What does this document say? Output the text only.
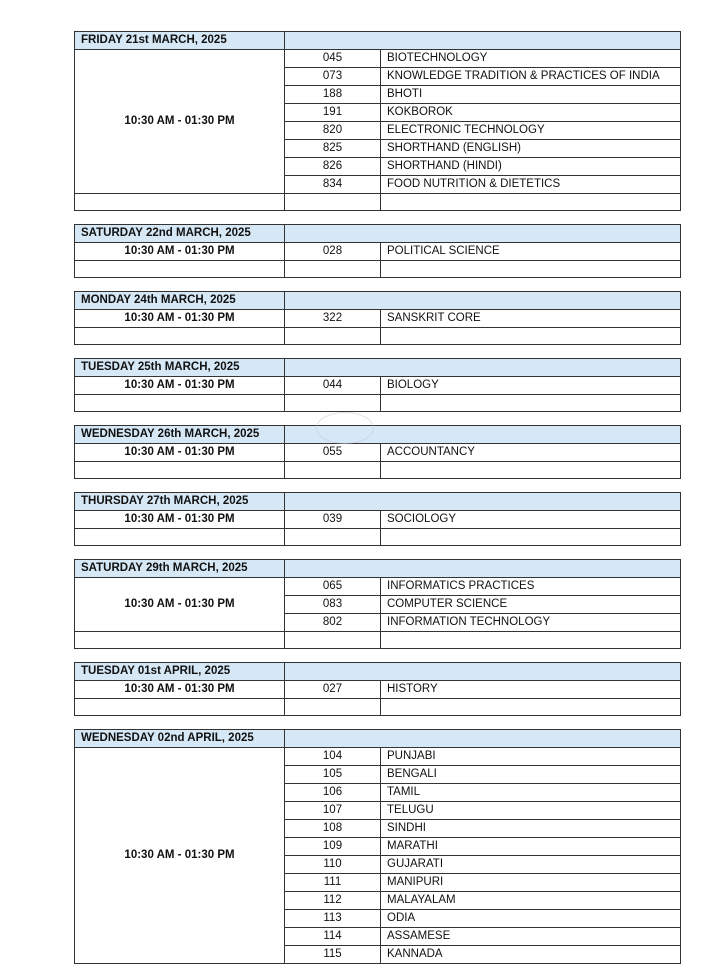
FRIDAY 21st MARCH, 2025		
10:30 AM - 01:30 PM	045	BIOTECHNOLOGY
	073	KNOWLEDGE TRADITION & PRACTICES OF INDIA
	188	BHOTI
	191	KOKBOROK
	820	ELECTRONIC TECHNOLOGY
	825	SHORTHAND (ENGLISH)
	826	SHORTHAND (HINDI)
	834	FOOD NUTRITION & DIETETICS

SATURDAY 22nd MARCH, 2025		
10:30 AM - 01:30 PM	028	POLITICAL SCIENCE

MONDAY 24th MARCH, 2025		
10:30 AM - 01:30 PM	322	SANSKRIT CORE

TUESDAY 25th MARCH, 2025		
10:30 AM - 01:30 PM	044	BIOLOGY

WEDNESDAY 26th MARCH, 2025		
10:30 AM - 01:30 PM	055	ACCOUNTANCY

THURSDAY 27th MARCH, 2025		
10:30 AM - 01:30 PM	039	SOCIOLOGY

SATURDAY 29th MARCH, 2025		
10:30 AM - 01:30 PM	065	INFORMATICS PRACTICES
	083	COMPUTER SCIENCE
	802	INFORMATION TECHNOLOGY

TUESDAY 01st APRIL, 2025		
10:30 AM - 01:30 PM	027	HISTORY

WEDNESDAY 02nd APRIL, 2025		
10:30 AM - 01:30 PM	104	PUNJABI
	105	BENGALI
	106	TAMIL
	107	TELUGU
	108	SINDHI
	109	MARATHI
	110	GUJARATI
	111	MANIPURI
	112	MALAYALAM
	113	ODIA
	114	ASSAMESE
	115	KANNADA
